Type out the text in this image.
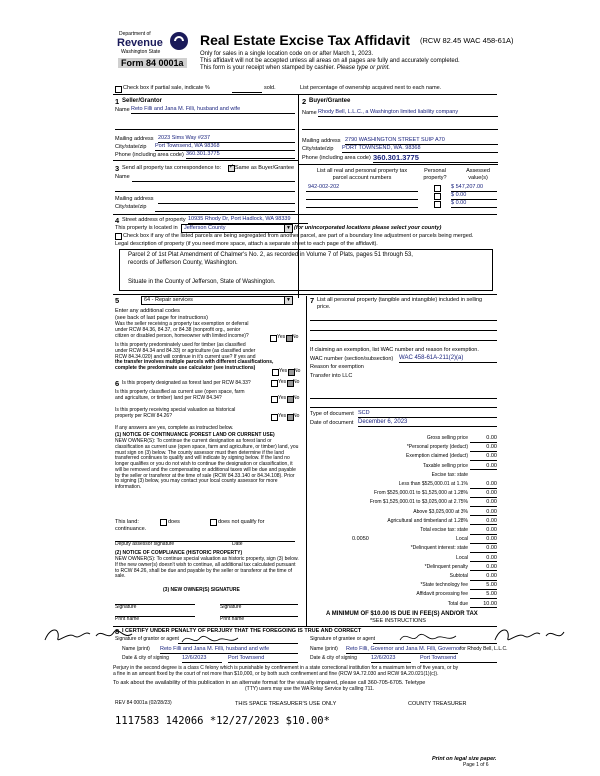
Department of
Revenue
Washington State
Form 84 0001a
Real Estate Excise Tax Affidavit (RCW 82.45 WAC 458-61A)
Only for sales in a single location code on or after March 1, 2023.
This affidavit will not be accepted unless all areas on all pages are fully and accurately completed.
This form is your receipt when stamped by cashier. Please type or print.
Check box if partial sale, indicate %	sold.	List percentage of ownership acquired next to each name.
1 Seller/Grantor
Name Reto Filli and Jana M. Filli, husband and wife
Mailing address 2023 Sims Way #237
City/state/zip Port Townsend, WA 98368
Phone (including area code) 360.301.3775
2 Buyer/Grantee
Name Rhody Bell, L.L.C., a Washington limited liability company
Mailing address 2790 WASHINGTON STREET SUIP A70
City/state/zip PORT TOWNSEND, WA. 98368
Phone (including area code) 360.301.3775
3 Send all property tax correspondence to: ✓ Same as Buyer/Grantee
Name
Mailing address
City/state/zip
List all real and personal property tax
parcel account numbers
Personal
property?
Assessed
value(s)
942-002-202	$ 547,207.00
$ 0.00
$ 0.00
4 Street address of property 10935 Rhody Dr, Port Hadlock, WA 98339
This property is located in	Jefferson County	▼ (for unincorporated locations please select your county)
Check box if any of the listed parcels are being segregated from another parcel, are part of a boundary line adjustment or parcels being merged.
Legal description of property (if you need more space, attach a separate sheet to each page of the affidavit).
Parcel 2 of 1st Plat Amendment of Chalmer's No. 2, as recorded in Volume 7 of Plats, pages 51 through 53,
records of Jefferson County, Washington.
Situate in the County of Jefferson, State of Washington.
5	64 - Repair services	▼
Enter any additional codes
(see back of last page for instructions)
Was the seller receiving a property tax exemption or deferral
under RCW 84.36, 84.37, or 84.38 (nonprofit org., senior
citizen or disabled person, homeowner with limited income)?	Yes No
Is this property predominately used for timber (as classified
under RCW 84.34 and 84.33) or agriculture (as classified under
RCW 84.34.020) and will continue in it's current use? If yes and
the transfer involves multiple parcels with different classifications,
complete the predominate use calculator (see instructions)	Yes No
6 Is this property designated as forest land per RCW 84.33?	Yes No
Is this property classified as current use (open space, farm
and agriculture, or timber) land per RCW 84.34?	Yes No
Is this property receiving special valuation as historical
property per RCW 84.26?	Yes No
If any answers are yes, complete as instructed below.
(1) NOTICE OF CONTINUANCE (FOREST LAND OR CURRENT USE)
NEW OWNER(S): To continue the current designation as forest land or classification as current use (open space, farm and agriculture, or timber) land, you must sign on (3) below. The county assessor must then determine if the land transferred continues to qualify and will indicate by signing below. If the land no longer qualifies or you do not wish to continue the designation or classification, it will be removed and the compensating or additional taxes will be due and payable by the seller or transferor at the time of sale (RCW 84.33.140 or 84.34.108). Prior to signing (3) below, you may contact your local county assessor for more information.
This land:	does	does not qualify for
continuance.
Deputy assessor signature	Date
(2) NOTICE OF COMPLIANCE (HISTORIC PROPERTY)
NEW OWNER(S): To continue special valuation as historic property, sign (3) below. If the new owner(s) doesn't wish to continue, all additional tax calculated pursuant to RCW 84.26, shall be due and payable by the seller or transferor at the time of sale.
(3) NEW OWNER(S) SIGNATURE
Signature	Signature
Print name	Print name
7 List all personal property (tangible and intangible) included in selling price.
If claiming an exemption, list WAC number and reason for exemption.
WAC number (section/subsection) WAC 458-61A-211(2)(a)
Reason for exemption
Transfer into LLC
Type of document SCD
Date of document December 6, 2023
Gross selling price	0.00
*Personal property (deduct)	0.00
Exemption claimed (deduct)	0.00
Taxable selling price	0.00
Excise tax: state
Less than $525,000.01 at 1.1%	0.00
From $525,000.01 to $1,525,000 at 1.28%	0.00
From $1,525,000.01 to $3,025,000 at 2.75%	0.00
Above $3,025,000 at 3%	0.00
Agricultural and timberland at 1.28%	0.00
Total excise tax: state	0.00
Local
0.0050	0.00
*Delinquent interest: state	0.00
Local	0.00
*Delinquent penalty	0.00
Subtotal	0.00
*State technology fee	5.00
Affidavit processing fee	5.00
Total due	10.00
A MINIMUM OF $10.00 IS DUE IN FEE(S) AND/OR TAX
*SEE INSTRUCTIONS
8 I CERTIFY UNDER PENALTY OF PERJURY THAT THE FOREGOING IS TRUE AND CORRECT
Signature of grantor or agent	Signature of grantee or agent
Name (print) Reto Filli and Jana M. Filli, husband and wife	Name (print) Reto Filli, Governor and Jana M. Filli, Governor for Rhody Bell, L.L.C.
Date & city of signing 12/6/2023	Port Townsend	Date & city of signing	12/6/2023	Port Townsend
Perjury in the second degree is a class C felony which is punishable by confinement in a state correctional institution for a maximum term of five years, or by
a fine in an amount fixed by the court of not more than $10,000, or by both such confinement and fine (RCW 9A.72.030 and RCW 9A.20.021(1)(c)).
To ask about the availability of this publication in an alternate format for the visually impaired, please call 360-705-6705. Teletype
(TTY) users may use the WA Relay Service by calling 711.
REV 84 0001a (02/28/23)	THIS SPACE TREASURER'S USE ONLY	COUNTY TREASURER
1117583 142066 *12/27/2023 $10.00*
Print on legal size paper.
Page 1 of 6
